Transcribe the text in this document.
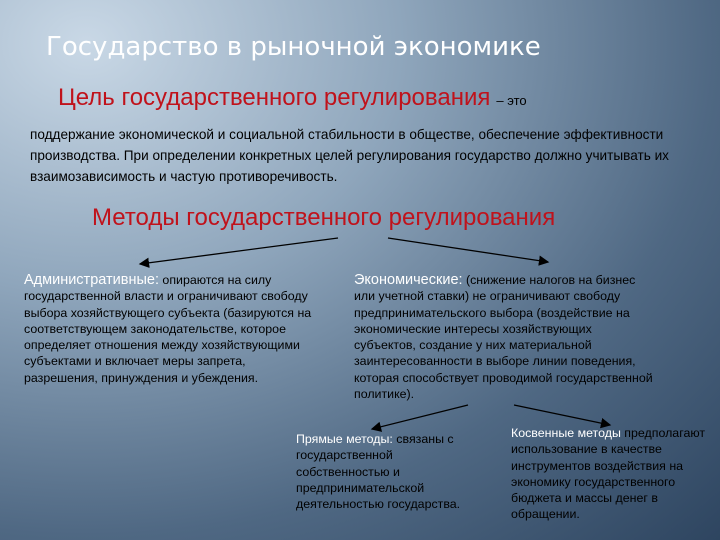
Государство в рыночной экономике
Цель государственного регулирования – это
поддержание экономической и социальной стабильности в обществе, обеспечение эффективности производства. При определении конкретных целей регулирования государство должно учитывать их взаимозависимость и частую противоречивость.
Методы государственного регулирования
Административные: опираются на силу государственной власти и ограничивают свободу выбора хозяйствующего субъекта (базируются на соответствующем законодательстве, которое определяет отношения между хозяйствующими субъектами и включает меры запрета, разрешения, принуждения и убеждения.
Экономические: (снижение налогов на бизнес или учетной ставки) не ограничивают свободу предпринимательского выбора (воздействие на экономические интересы хозяйствующих субъектов, создание у них материальной заинтересованности в выборе линии поведения, которая способствует проводимой государственной политике).
Прямые методы: связаны с государственной собственностью и предпринимательской деятельностью государства.
Косвенные методы предполагают использование в качестве инструментов воздействия на экономику государственного бюджета и массы денег в обращении.
